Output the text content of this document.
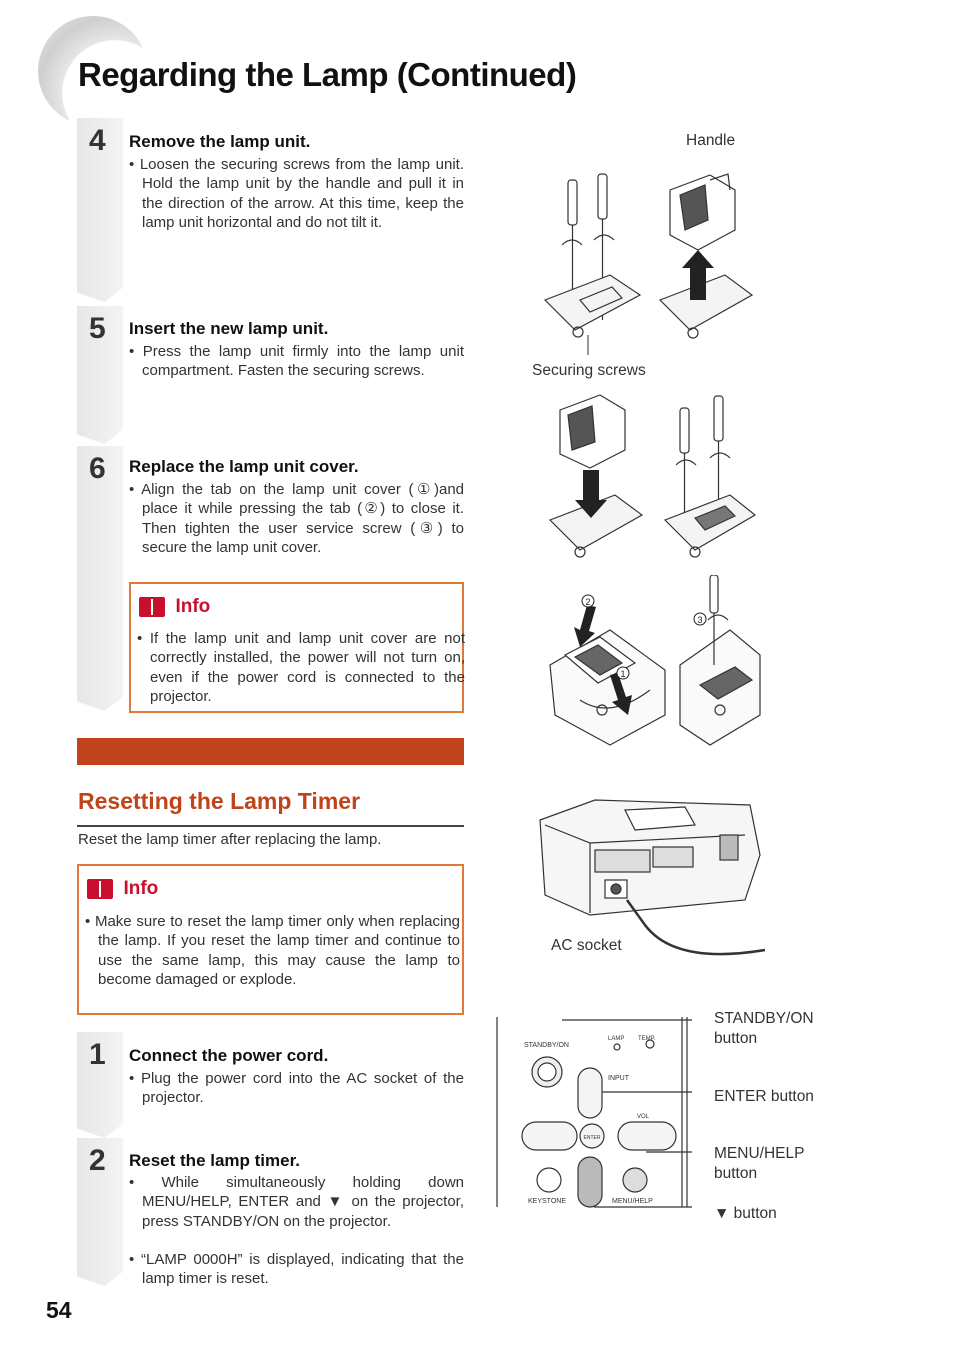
Regarding the Lamp (Continued)
4 Remove the lamp unit.
• Loosen the securing screws from the lamp unit. Hold the lamp unit by the handle and pull it in the direction of the arrow. At this time, keep the lamp unit horizontal and do not tilt it.
5 Insert the new lamp unit.
• Press the lamp unit firmly into the lamp unit compartment. Fasten the securing screws.
6 Replace the lamp unit cover.
• Align the tab on the lamp unit cover (①)and place it while pressing the tab (②) to close it. Then tighten the user service screw (③) to secure the lamp unit cover.
Info
• If the lamp unit and lamp unit cover are not correctly installed, the power will not turn on, even if the power cord is connected to the projector.
Resetting the Lamp Timer
Reset the lamp timer after replacing the lamp.
Info
• Make sure to reset the lamp timer only when replacing the lamp. If you reset the lamp timer and continue to use the same lamp, this may cause the lamp to become damaged or explode.
1 Connect the power cord.
• Plug the power cord into the AC socket of the projector.
2 Reset the lamp timer.
• While simultaneously holding down MENU/HELP, ENTER and ▼ on the projector, press STANDBY/ON on the projector.
• “LAMP 0000H” is displayed, indicating that the lamp timer is reset.
54
Handle
Securing screws
AC socket
STANDBY/ON button
ENTER button
MENU/HELP button
▼ button
2
1
3
STANDBY/ON
LAMP TEMP.
INPUT
ENTER
VOL
KEYSTONE	MENU/HELP
